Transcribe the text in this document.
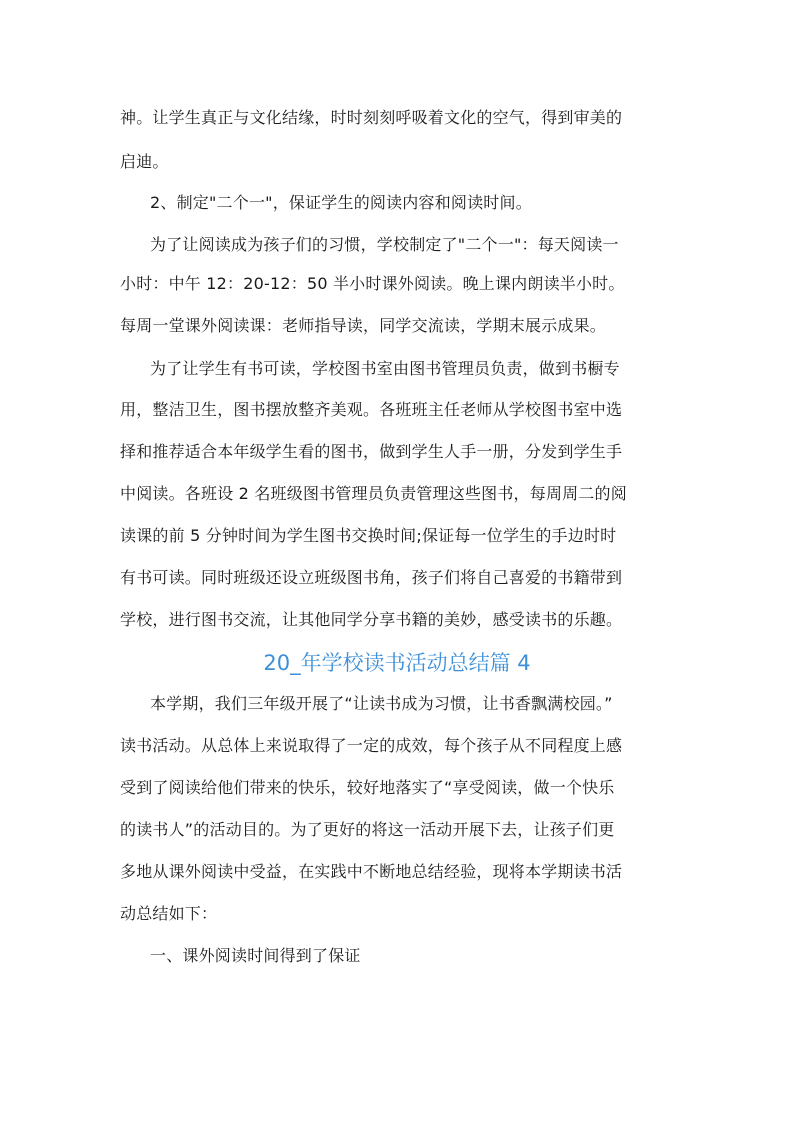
神。让学生真正与文化结缘，时时刻刻呼吸着文化的空气，得到审美的
启迪。
2、制定"二个一"，保证学生的阅读内容和阅读时间。
为了让阅读成为孩子们的习惯，学校制定了"二个一"：每天阅读一
小时：中午 12：20-12：50 半小时课外阅读。晚上课内朗读半小时。
每周一堂课外阅读课：老师指导读，同学交流读，学期末展示成果。
为了让学生有书可读，学校图书室由图书管理员负责，做到书橱专
用，整洁卫生，图书摆放整齐美观。各班班主任老师从学校图书室中选
择和推荐适合本年级学生看的图书，做到学生人手一册，分发到学生手
中阅读。各班设 2 名班级图书管理员负责管理这些图书，每周周二的阅
读课的前 5 分钟时间为学生图书交换时间;保证每一位学生的手边时时
有书可读。同时班级还设立班级图书角，孩子们将自己喜爱的书籍带到
学校，进行图书交流，让其他同学分享书籍的美妙，感受读书的乐趣。
20_年学校读书活动总结篇 4
本学期，我们三年级开展了“让读书成为习惯，让书香飘满校园。”
读书活动。从总体上来说取得了一定的成效，每个孩子从不同程度上感
受到了阅读给他们带来的快乐，较好地落实了“享受阅读，做一个快乐
的读书人”的活动目的。为了更好的将这一活动开展下去，让孩子们更
多地从课外阅读中受益，在实践中不断地总结经验，现将本学期读书活
动总结如下：
一、课外阅读时间得到了保证
